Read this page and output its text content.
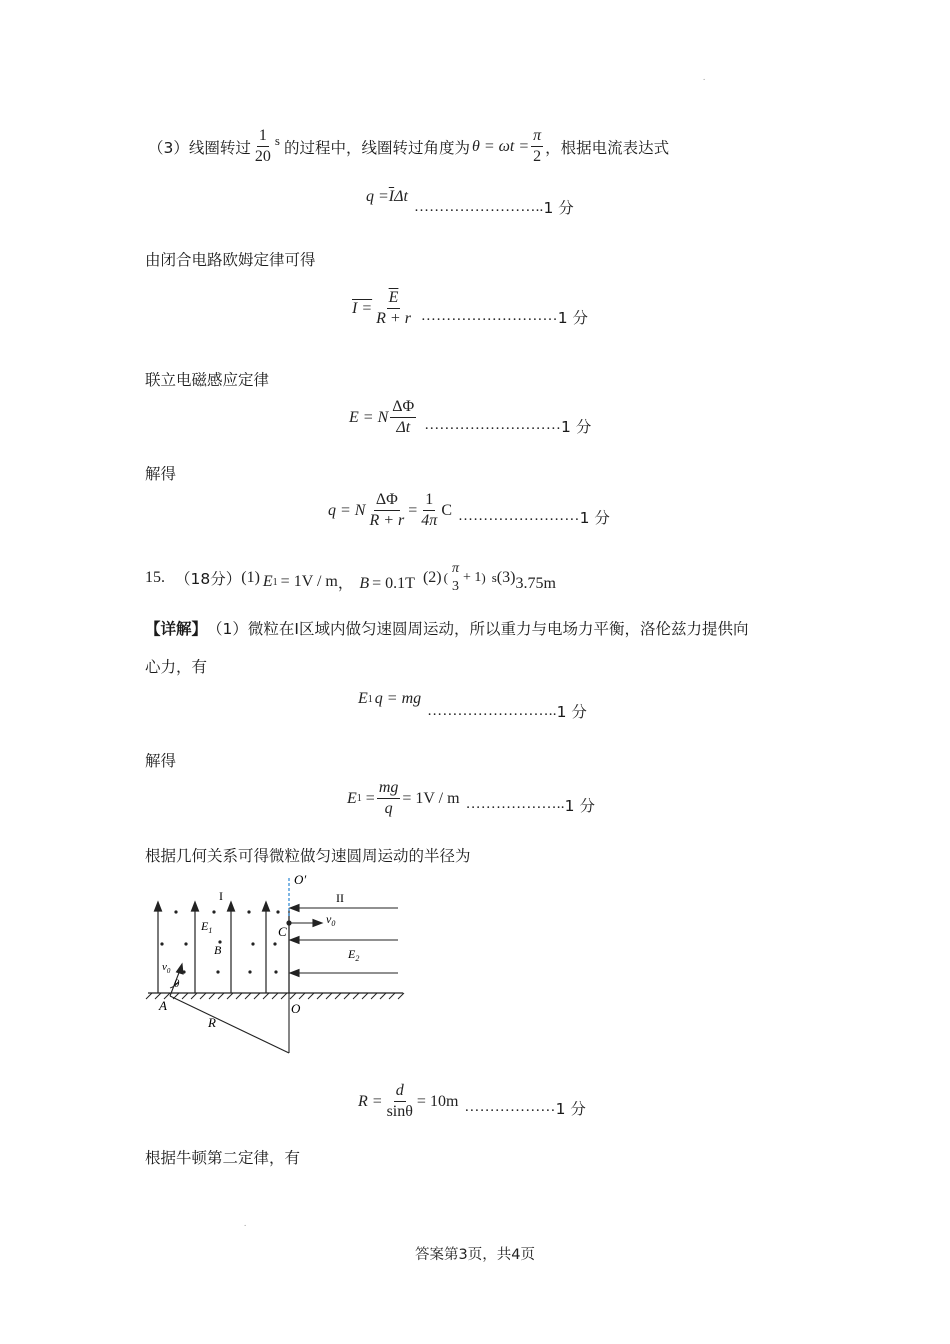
.
（3）线圈转过 $\frac{1}{20}$ s 的过程中，线圈转过角度为 $\theta = \omega t = \frac{\pi}{2}$ ，根据电流表达式
$q = \overline{I}$ Δt
…………………….. 1 分
由闭合电路欧姆定律可得
$I = \frac{\overline{E}}{R + r}$ ……………………… 1 分
联立电磁感应定律
E = N $\frac{\Delta\Phi}{\Delta t}$ ……………………… 1 分
解得
q = N $\frac{\Delta\Phi}{R + r} = \frac{1}{4\pi}$ C …………………… 1 分
15. （18分） (1) E 1 = 1V / m ， B = 0.1T (2) (
π
3
+ 1 ) s (3) 3.75m
【详解】 （1）微粒在Ⅰ区域内做匀速圆周运动，所以重力与电场力平衡，洛伦兹力提供向
心力，有
E 1 q = mg
…………………….. 1 分
解得
E $1 = \frac{mg}{q} = 1V / m$ ……………….. 1 分
根据几何关系可得微粒做匀速圆周运动的半径为
O′
II
I
$v_0$
$E_1$
$E_2$
B
C
$v_0$
θ
A	O
R
$R = \frac{d}{\sin\theta} = 10m$ ……………… 1 分
根据牛顿第二定律，有
.
答案第3页，共4页
